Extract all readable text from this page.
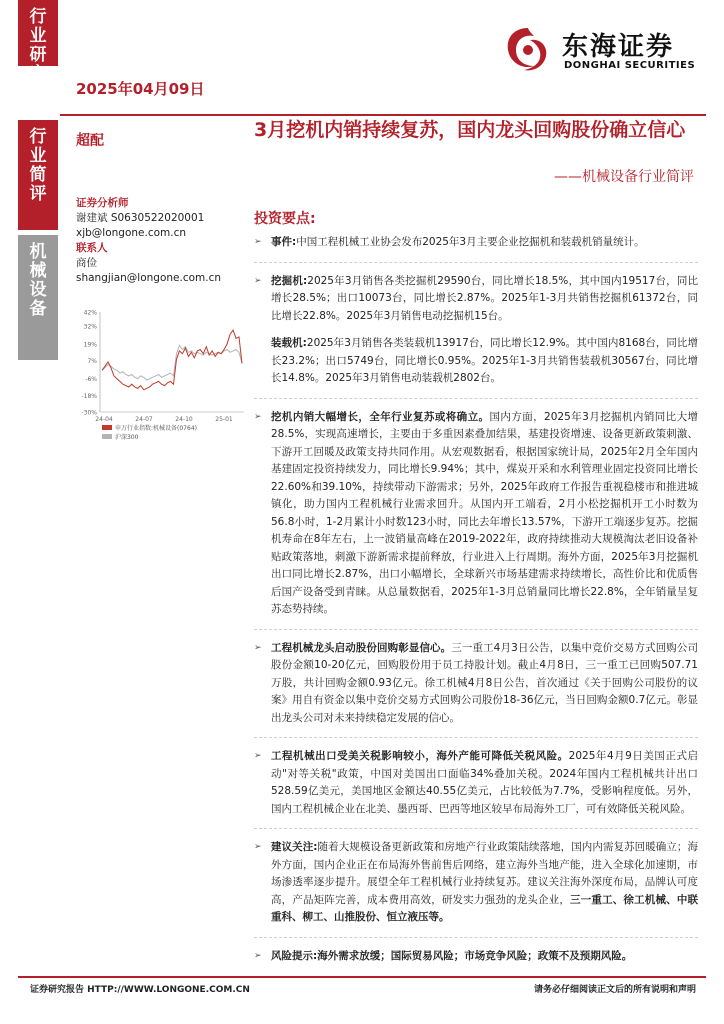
行
业
研
究
行
业
简
评
机
械
设
备
东海证券
DONGHAI SECURITIES
2025年04月09日
超配	3月挖机内销持续复苏，国内龙头回购股份确立信心
——机械设备行业简评
证券分析师
谢建斌 S0630522020001
xjb@longone.com.cn
联系人
商俭
shangjian@longone.com.cn
42%
32%
19%
7%
-6%
-18%
-30%
24-04	24-07	24-10	25-01
申万行业指数:机械设备(0764)
沪深300
投资要点:
➢ 事件:中国工程机械工业协会发布2025年3月主要企业挖掘机和装载机销量统计。
➢ 挖掘机:2025年3月销售各类挖掘机29590台，同比增长18.5%，其中国内19517台，同比增长28.5%；出口10073台，同比增长2.87%。2025年1-3月共销售挖掘机61372台，同比增长22.8%。2025年3月销售电动挖掘机15台。
装载机:2025年3月销售各类装载机13917台，同比增长12.9%。其中国内8168台，同比增长23.2%；出口5749台，同比增长0.95%。2025年1-3月共销售装载机30567台，同比增长14.8%。2025年3月销售电动装载机2802台。
➢ 挖机内销大幅增长，全年行业复苏或将确立。国内方面，2025年3月挖掘机内销同比大增28.5%，实现高速增长，主要由于多重因素叠加结果，基建投资增速、设备更新政策刺激、下游开工回暖及政策支持共同作用。从宏观数据看，根据国家统计局，2025年2月全年国内基建固定投资持续发力，同比增长9.94%；其中，煤炭开采和水利管理业固定投资同比增长22.60%和39.10%，持续带动下游需求；另外，2025年政府工作报告重视稳楼市和推进城镇化，助力国内工程机械行业需求回升。从国内开工端看，2月小松挖掘机开工小时数为56.8小时，1-2月累计小时数123小时，同比去年增长13.57%，下游开工端逐步复苏。挖掘机寿命在8年左右，上一波销量高峰在2019-2022年，政府持续推动大规模淘汰老旧设备补贴政策落地，刺激下游新需求提前释放，行业进入上行周期。海外方面，2025年3月挖掘机出口同比增长2.87%，出口小幅增长，全球新兴市场基建需求持续增长，高性价比和优质售后国产设备受到青睐。从总量数据看，2025年1-3月总销量同比增长22.8%，全年销量呈复苏态势持续。
➢ 工程机械龙头启动股份回购彰显信心。三一重工4月3日公告，以集中竞价交易方式回购公司股份金额10-20亿元，回购股份用于员工持股计划。截止4月8日，三一重工已回购507.71万股，共计回购金额0.93亿元。徐工机械4月8日公告，首次通过《关于回购公司股份的议案》用自有资金以集中竞价交易方式回购公司股份18-36亿元，当日回购金额0.7亿元。彰显出龙头公司对未来持续稳定发展的信心。
➢ 工程机械出口受美关税影响较小，海外产能可降低关税风险。2025年4月9日美国正式启动"对等关税"政策，中国对美国出口面临34%叠加关税。2024年国内工程机械共计出口528.59亿美元，美国地区金额达40.55亿美元，占比较低为7.7%，受影响程度低。另外，国内工程机械企业在北美、墨西哥、巴西等地区较早布局海外工厂，可有效降低关税风险。
➢ 建议关注:随着大规模设备更新政策和房地产行业政策陆续落地，国内内需复苏回暖确立；海外方面，国内企业正在布局海外售前售后网络，建立海外当地产能，进入全球化加速期，市场渗透率逐步提升。展望全年工程机械行业持续复苏。建议关注海外深度布局，品牌认可度高，产品矩阵完善，成本费用高效，研发实力强劲的龙头企业，三一重工、徐工机械、中联重科、柳工、山推股份、恒立液压等。
➢ 风险提示:海外需求放缓；国际贸易风险；市场竞争风险；政策不及预期风险。
证券研究报告 HTTP://WWW.LONGONE.COM.CN	请务必仔细阅读正文后的所有说明和声明
